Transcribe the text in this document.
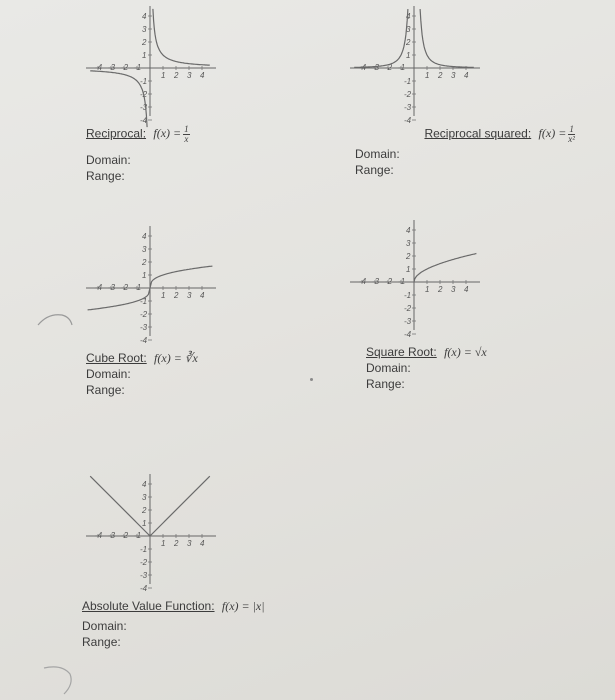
-4 -3 -2 -1
1 2 3 4
4
3
2
1
-1
-2
-3
-4
Reciprocal: $f(x) = \frac{1}{x}$
Domain:
Range:
-4 -3 -2 -1
1 2 3 4
4
3
2
1
-1
-2
-3
-4
Reciprocal squared: $f(x) = \frac{1}{\text{x²}}$
Domain:
Range:
-4 -3 -2 -1
1 2 3 4
4
3
2
1
-1
-2
-3
-4
Cube Root: f(x) = ∛x
Domain:
Range:
-4 -3 -2 -1
1 2 3 4
4
3
2
1
-1
-2
-3
-4
Square Root: f(x) = √x
Domain:
Range:
-4 -3 -2 -1
1 2 3 4
4
3
2
1
-1
-2
-3
-4
Absolute Value Function: f(x) = |x|
Domain:
Range:
